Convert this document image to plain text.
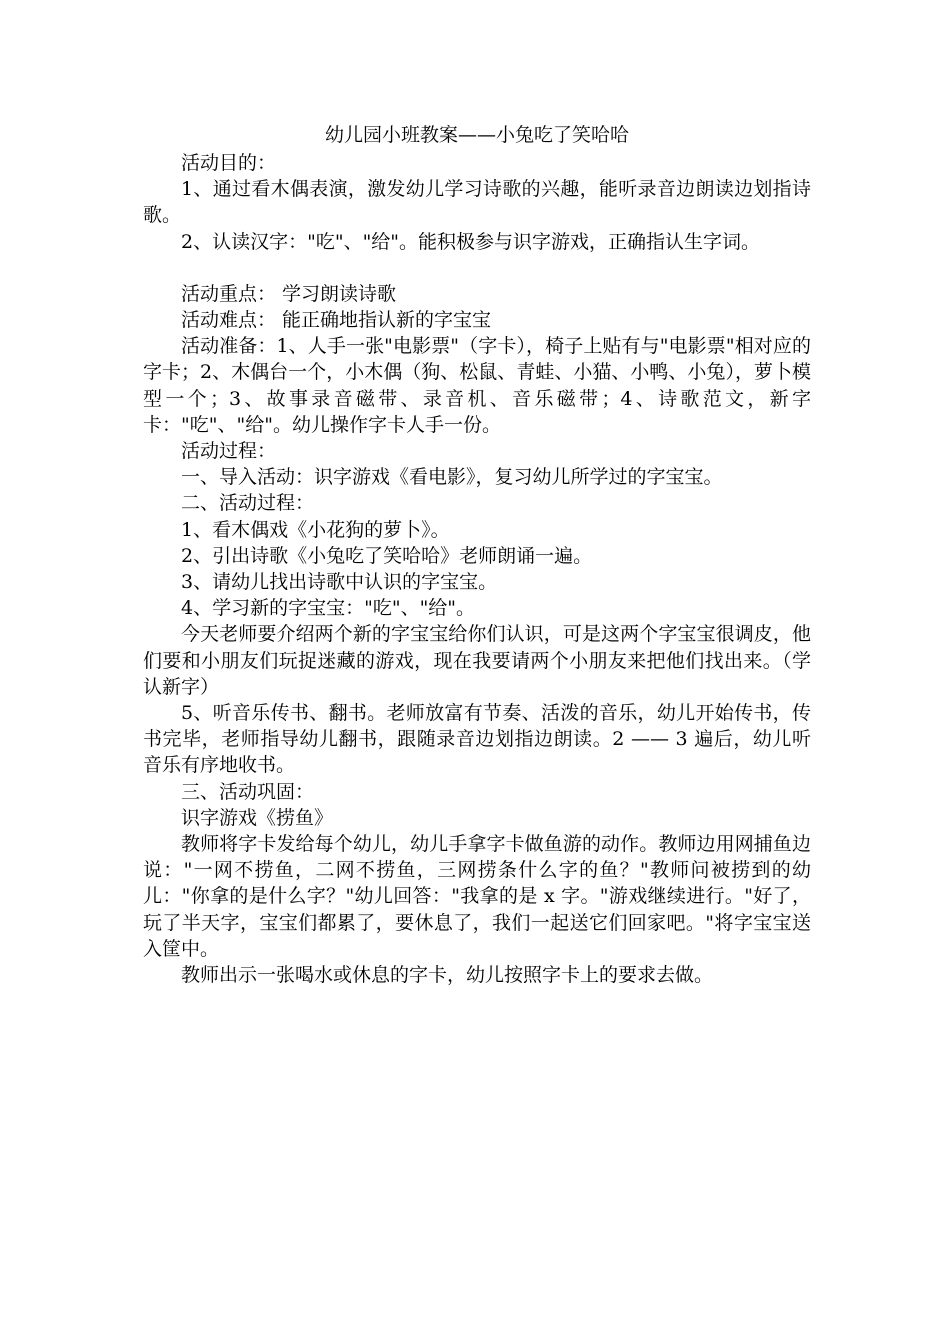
幼儿园小班教案——小兔吃了笑哈哈

活动目的：

1、通过看木偶表演，激发幼儿学习诗歌的兴趣，能听录音边朗读边划指诗歌。

2、认读汉字："吃"、"给"。能积极参与识字游戏，正确指认生字词。

活动重点： 学习朗读诗歌

活动难点： 能正确地指认新的字宝宝

活动准备：1、人手一张"电影票"（字卡），椅子上贴有与"电影票"相对应的字卡；2、木偶台一个，小木偶（狗、松鼠、青蛙、小猫、小鸭、小兔），萝卜模型一个；3、故事录音磁带、录音机、音乐磁带；4、诗歌范文，新字卡："吃"、"给"。幼儿操作字卡人手一份。

活动过程：

一、导入活动：识字游戏《看电影》，复习幼儿所学过的字宝宝。

二、活动过程：

1、看木偶戏《小花狗的萝卜》。

2、引出诗歌《小兔吃了笑哈哈》老师朗诵一遍。

3、请幼儿找出诗歌中认识的字宝宝。

4、学习新的字宝宝："吃"、"给"。

今天老师要介绍两个新的字宝宝给你们认识，可是这两个字宝宝很调皮，他们要和小朋友们玩捉迷藏的游戏，现在我要请两个小朋友来把他们找出来。（学认新字）

5、听音乐传书、翻书。老师放富有节奏、活泼的音乐，幼儿开始传书，传书完毕，老师指导幼儿翻书，跟随录音边划指边朗读。2 —— 3 遍后，幼儿听音乐有序地收书。

三、活动巩固：

识字游戏《捞鱼》

教师将字卡发给每个幼儿，幼儿手拿字卡做鱼游的动作。教师边用网捕鱼边说："一网不捞鱼，二网不捞鱼，三网捞条什么字的鱼？"教师问被捞到的幼儿："你拿的是什么字？"幼儿回答："我拿的是 x 字。"游戏继续进行。"好了，玩了半天字，宝宝们都累了，要休息了，我们一起送它们回家吧。"将字宝宝送入筐中。

教师出示一张喝水或休息的字卡，幼儿按照字卡上的要求去做。
